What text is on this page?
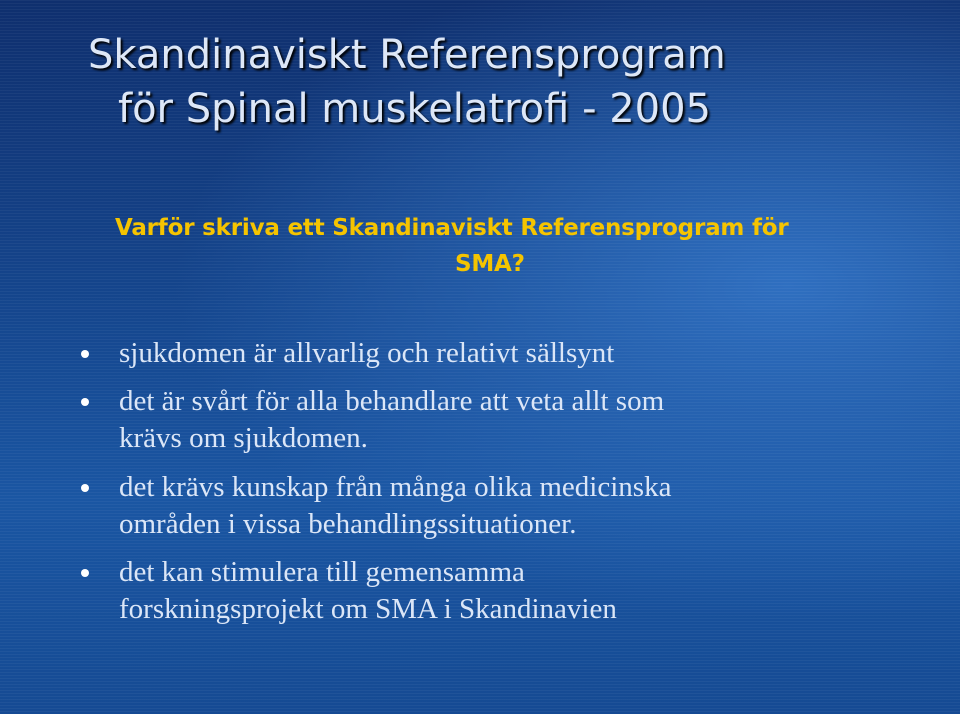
Skandinaviskt Referensprogram
för Spinal muskelatrofi - 2005
Varför skriva ett Skandinaviskt Referensprogram för
SMA?
sjukdomen är allvarlig och relativt sällsynt
det är svårt för alla behandlare att veta allt som
krävs om sjukdomen.
det krävs kunskap från många olika medicinska
områden i vissa behandlingssituationer.
det kan stimulera till gemensamma
forskningsprojekt om SMA i Skandinavien
